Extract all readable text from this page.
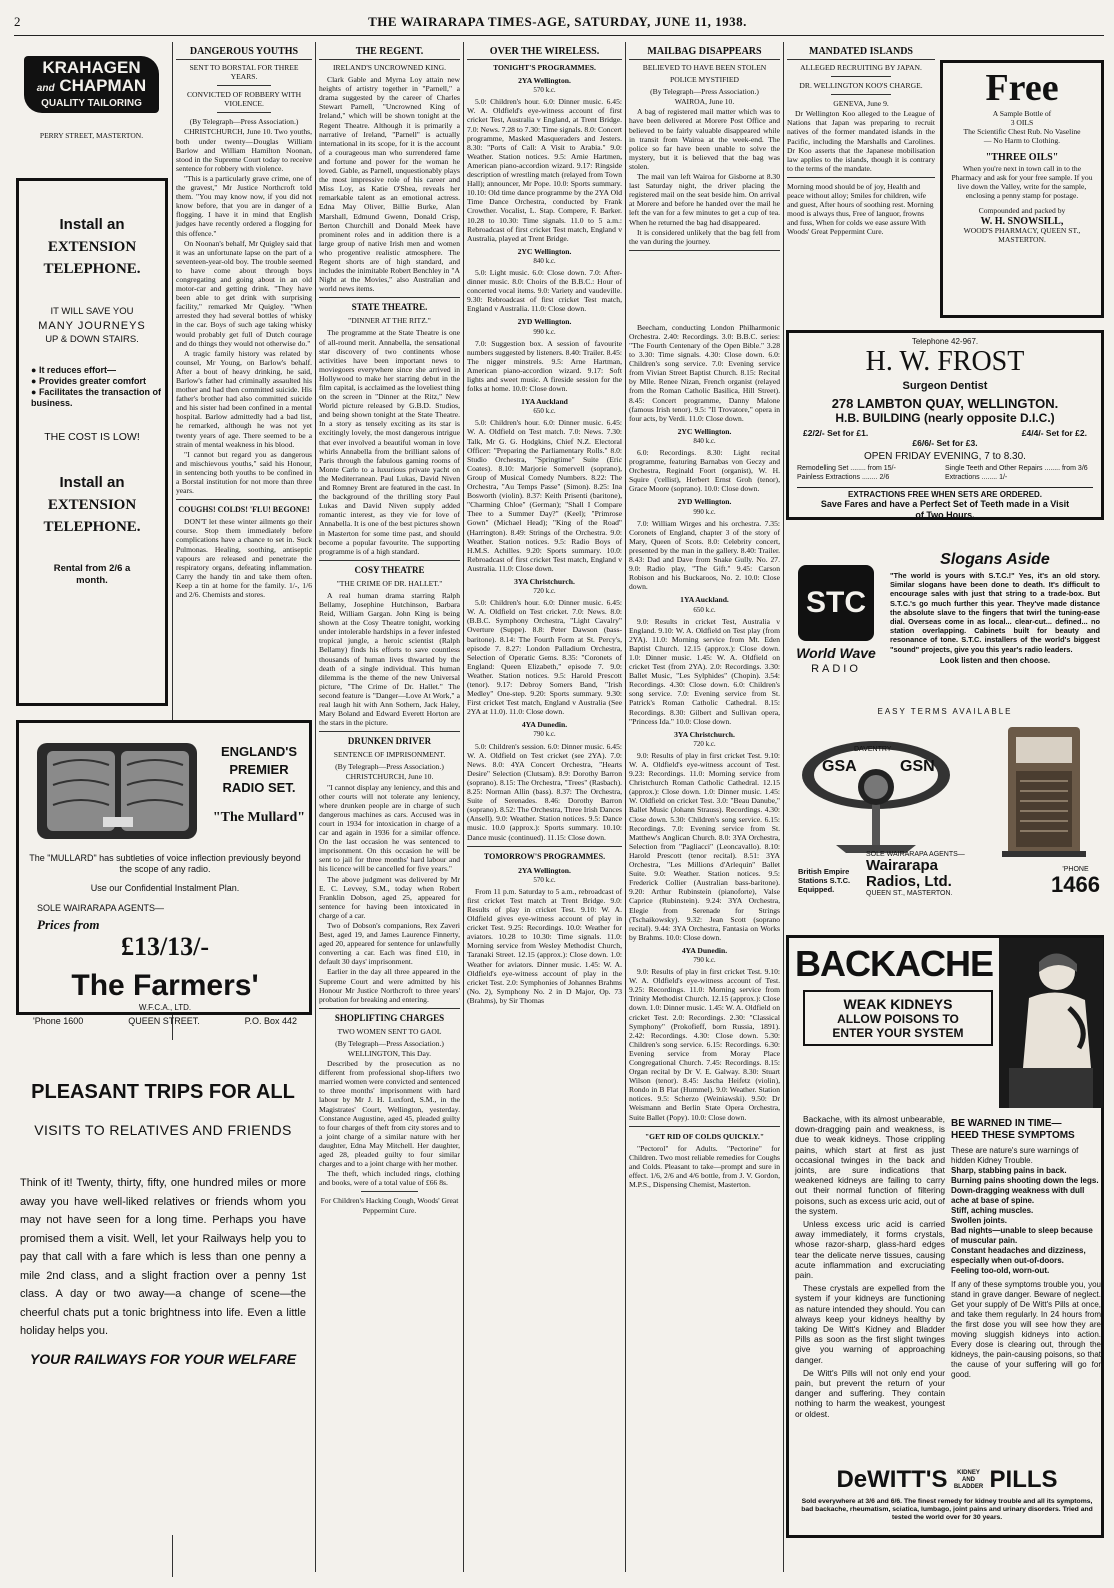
2	THE WAIRARAPA TIMES-AGE, SATURDAY, JUNE 11, 1938.
KRAHAGEN
and CHAPMAN
QUALITY TAILORING
PERRY STREET, MASTERTON.
Install an
EXTENSION
TELEPHONE.
IT WILL SAVE YOU
MANY JOURNEYS
UP & DOWN STAIRS.
● It reduces effort—
● Provides greater comfort
● Facilitates the transaction of business.
THE COST IS LOW!
Install an
EXTENSION
TELEPHONE.
Rental from 2/6 a month.
DANGEROUS YOUTHS
SENT TO BORSTAL FOR THREE YEARS.
CONVICTED OF ROBBERY WITH VIOLENCE.

(By Telegraph—Press Association.)

CHRISTCHURCH, June 10. Two youths, both under twenty—Douglas William Barlow and William Hamilton Noonan, stood in the Supreme Court today to receive sentence for robbery with violence.

"This is a particularly grave crime, one of the gravest," Mr Justice Northcroft told them. "You may know now, if you did not know before, that you are in danger of a flogging. I have it in mind that English judges have recently ordered a flogging for this offence."

On Noonan's behalf, Mr Quigley said that it was an unfortunate lapse on the part of a seventeen-year-old boy. The trouble seemed to have come about through boys congregating and going about in an old motor-car and getting drink. "They have been able to get drink with surprising facility," remarked Mr Quigley. "When arrested they had several bottles of whisky in the car. Boys of such age taking whisky would probably get full of Dutch courage and do things they would not otherwise do."

A tragic family history was related by counsel, Mr Young, on Barlow's behalf. After a bout of heavy drinking, he said, Barlow's father had criminally assaulted his mother and had then committed suicide. His father's brother had also committed suicide and his sister had been confined in a mental hospital. Barlow admittedly had a bad list, he remarked, although he was not yet twenty years of age. There seemed to be a strain of mental weakness in his blood.

"I cannot but regard you as dangerous and mischievous youths," said his Honour, in sentencing both youths to be confined in a Borstal institution for not more than three years.

COUGHS! COLDS! 'FLU! BEGONE!

DON'T let these winter ailments go their course. Stop them immediately before complications have a chance to set in. Suck Pulmonas. Healing, soothing, antiseptic vapours are released and penetrate the respiratory organs, defeating inflammation. Carry the handy tin and take them often. Keep a tin at home for the family. 1/-, 1/6 and 2/6. Chemists and stores.

ENGLAND'S
PREMIER
RADIO SET.
"The Mullard"
The "MULLARD" has subtleties of voice inflection previously beyond the scope of any radio.
Use our Confidential Instalment Plan.
SOLE WAIRARAPA AGENTS—
Prices from
£13/13/-
The Farmers'
W.F.C.A., LTD.
'Phone 1600	QUEEN STREET.	P.O. Box 442
PLEASANT TRIPS FOR ALL
VISITS TO RELATIVES AND FRIENDS
Think of it! Twenty, thirty, fifty, one hundred miles or more away you have well-liked relatives or friends whom you may not have seen for a long time. Perhaps you have promised them a visit. Well, let your Railways help you to pay that call with a fare which is less than one penny a mile 2nd class, and a slight fraction over a penny 1st class. A day or two away—a change of scene—the cheerful chats put a tonic brightness into life. Even a little holiday helps you.
YOUR RAILWAYS FOR YOUR WELFARE
THE REGENT.
IRELAND'S UNCROWNED KING.

Clark Gable and Myrna Loy attain new heights of artistry together in "Parnell," a drama suggested by the career of Charles Stewart Parnell, "Uncrowned King of Ireland," which will be shown tonight at the Regent Theatre. Although it is primarily a narrative of Ireland, "Parnell" is actually international in its scope, for it is the account of a courageous man who surrendered fame and fortune and power for the woman he loved. Gable, as Parnell, unquestionably plays the most impressive role of his career and Miss Loy, as Katie O'Shea, reveals her remarkable talent as an emotional actress. Edna May Oliver, Billie Burke, Alan Marshall, Edmund Gwenn, Donald Crisp, Berton Churchill and Donald Meek have prominent roles and in addition there is a large group of native Irish men and women who progentive realistic atmosphere. The Regent shorts are of high standard, and includes the inimitable Robert Benchley in "A Night at the Movies," also Australian and world news items.

STATE THEATRE.
"DINNER AT THE RITZ."

The programme at the State Theatre is one of all-round merit. Annabella, the sensational star discovery of two continents whose activities have been important news to moviegoers everywhere since she arrived in Hollywood to make her starring debut in the film capital, is acclaimed as the loveliest thing on the screen in "Dinner at the Ritz," New World picture released by G.B.D. Studios, and being shown tonight at the State Theatre. In a story as tensely exciting as its star is excitingly lovely, the most dangerous intrigue that ever involved a beautiful woman in love whirls Annabella from the brilliant salons of Paris through the fabulous gaming rooms of Monte Carlo to a luxurious private yacht on the Mediterranean. Paul Lukas, David Niven and Romney Brent are featured in the cast. In the background of the thrilling story Paul Lukas and David Niven supply added romantic interest, as they vie for love of Annabella. It is one of the best pictures shown in Masterton for some time past, and should become a popular favourite. The supporting programme is of a high standard.

COSY THEATRE
"THE CRIME OF DR. HALLET."

A real human drama starring Ralph Bellamy, Josephine Hutchinson, Barbara Reid, William Gargan. John King is being shown at the Cosy Theatre tonight, working under intolerable hardships in a fever infested tropical jungle, a heroic scientist (Ralph Bellamy) finds his efforts to save countless thousands of human lives thwarted by the death of a single individual. This human dilemma is the theme of the new Universal picture, "The Crime of Dr. Hallet." The second feature is "Danger—Love At Work," a real laugh hit with Ann Sothern, Jack Haley, Mary Boland and Edward Everett Horton are the stars in the picture.

DRUNKEN DRIVER
SENTENCE OF IMPRISONMENT.

(By Telegraph—Press Association.)

CHRISTCHURCH, June 10.

"I cannot display any leniency, and this and other courts will not tolerate any leniency, where drunken people are in charge of such dangerous machines as cars. Accused was in court in 1934 for intoxication in charge of a car and again in 1936 for a similar offence. On the last occasion he was sentenced to imprisonment. On this occasion he will be sent to jail for three months' hard labour and his licence will be cancelled for five years."

The above judgment was delivered by Mr E. C. Levvey, S.M., today when Robert Franklin Dobson, aged 25, appeared for sentence for having been intoxicated in charge of a car.

Two of Dobson's companions, Rex Zaveri Best, aged 19, and James Laurence Finnerty, aged 20, appeared for sentence for unlawfully converting a car. Each was fined £10, in default 30 days' imprisonment.

Earlier in the day all three appeared in the Supreme Court and were admitted by his Honour Mr Justice Northcroft to three years' probation for breaking and entering.

SHOPLIFTING CHARGES
TWO WOMEN SENT TO GAOL

(By Telegraph—Press Association.)

WELLINGTON, This Day.

Described by the prosecution as no different from professional shop-lifters two married women were convicted and sentenced to three months' imprisonment with hard labour by Mr J. H. Luxford, S.M., in the Magistrates' Court, Wellington, yesterday. Constance Augustine, aged 45, pleaded guilty to four charges of theft from city stores and to a joint charge of a similar nature with her daughter, Edna May Mitchell. Her daughter, aged 28, pleaded guilty to four similar charges and to a joint charge with her mother.

The theft, which included rings, clothing and books, were of a total value of £66 8s.

For Children's Hacking Cough, Woods' Great Peppermint Cure.

OVER THE WIRELESS.
TONIGHT'S PROGRAMMES.
2YA Wellington.
570 k.c.

5.0: Children's hour. 6.0: Dinner music. 6.45: W. A. Oldfield's eye-witness account of first cricket Test, Australia v England, at Trent Bridge. 7.0: News. 7.28 to 7.30: Time signals. 8.0: Concert programme, Masked Masqueraders and Jesters. 8.30: "Ports of Call: A Visit to Arabia." 9.0: Weather. Station notices. 9.5: Arnie Hartmen, American piano-accordion wizard. 9.17: Ringside description of wrestling match (relayed from Town Hall); announcer, Mr Pope. 10.0: Sports summary. 10.10: Old time dance programme by the 2YA Old Time Dance Orchestra, conducted by Frank Crowther. Vocalist, L. Stap. Compere, F. Barker. 10.28 to 10.30: Time signals. 11.0 to 5 a.m.: Rebroadcast of first cricket Test match, England v Australia, played at Trent Bridge.

2YC Wellington.
840 k.c.

5.0: Light music. 6.0: Close down. 7.0: After-dinner music. 8.0: Choirs of the B.B.C.: Hour of concerted vocal items. 9.0: Variety and vaudeville. 9.30: Rebroadcast of first cricket Test match, England v Australia. 11.0: Close down.

2YD Wellington.
990 k.c.

7.0: Suggestion box. A session of favourite numbers suggested by listeners. 8.40: Trailer. 8.45: The nigger minstrels. 9.5: Arne Hartman, American piano-accordion wizard. 9.17: Soft lights and sweet music. A fireside session for the folks at home. 10.0: Close down.

1YA Auckland
650 k.c.

5.0: Children's hour. 6.0: Dinner music. 6.45: W. A. Oldfield on Test match. 7.0: News. 7.30: Talk, Mr G. G. Hodgkins, Chief N.Z. Electoral Officer: "Preparing the Parliamentary Rolls." 8.0: Studio Orchestra, "Springtime" Suite (Eric Coates). 8.10: Marjorie Somervell (soprano), Group of Musical Comedy Numbers. 8.22: The Orchestra, "Au Temps Passe" (Simon). 8.25: Ina Bosworth (violin). 8.37: Keith Prisenti (baritone), "Charming Chloe" (German); "Shall I Compare Thee to a Summer Day?" (Keel); "Primrose Gown" (Michael Head); "King of the Road" (Harrington). 8.49: Strings of the Orchestra. 9.0: Weather. Station notices. 9.5: Radio Boys of H.M.S. Achilles. 9.20: Sports summary. 10.0: Rebroadcast of first cricket Test match, England v Australia. 11.0: Close down.

3YA Christchurch.
720 k.c.

5.0: Children's hour. 6.0: Dinner music. 6.45: W. A. Oldfield on Test cricket. 7.0: News. 8.0: (B.B.C. Symphony Orchestra, "Light Cavalry" Overture (Suppe). 8.8: Peter Dawson (bass-baritone). 8.14: The Fourth Form at St. Percy's, episode 7. 8.27: London Palladium Orchestra, Selection of Operatic Gems. 8.35: "Coronets of England: Queen Elizabeth," episode 7. 9.0: Weather. Station notices. 9.5: Harold Prescott (tenor). 9.17: Debroy Somers Band, "Irish Medley" One-step. 9.20: Sports summary. 9.30: First cricket Test match, England v Australia (See 2YA at 11.0). 11.0: Close down.

4YA Dunedin.
790 k.c.

5.0: Children's session. 6.0: Dinner music. 6.45: W. A. Oldfield on Test cricket (see 2YA). 7.0: News. 8.0: 4YA Concert Orchestra, "Hearts Desire" Selection (Clutsam). 8.9: Dorothy Barron (soprano). 8.15: The Orchestra, "Trees" (Rasbach). 8.25: Norman Allin (bass). 8.37: The Orchestra, Suite of Serenades. 8.46: Dorothy Barron (soprano). 8.52: The Orchestra, Three Irish Dances (Ansell). 9.0: Weather. Station notices. 9.5: Dance music. 10.0 (approx.): Sports summary. 10.10: Dance music (continued). 11.15: Close down.

TOMORROW'S PROGRAMMES.
2YA Wellington.
570 k.c.

From 11 p.m. Saturday to 5 a.m., rebroadcast of first cricket Test match at Trent Bridge. 9.0: Results of play in cricket Test. 9.10: W. A. Oldfield gives eye-witness account of play in cricket Test. 9.25: Recordings. 10.0: Weather for aviators. 10.28 to 10.30: Time signals. 11.0: Morning service from Wesley Methodist Church, Taranaki Street. 12.15 (approx.): Close down. 1.0: Weather for aviators. Dinner music. 1.45: W. A. Oldfield's eye-witness account of play in the cricket Test. 2.0: Symphonies of Johannes Brahms (No. 2), Symphony No. 2 in D Major, Op. 73 (Brahms), by Sir Thomas

MAILBAG DISAPPEARS
BELIEVED TO HAVE BEEN STOLEN
POLICE MYSTIFIED

(By Telegraph—Press Association.)

WAIROA, June 10.

A bag of registered mail matter which was to have been delivered at Morere Post Office and believed to be fairly valuable disappeared while in transit from Wairoa at the week-end. The police so far have been unable to solve the mystery, but it is believed that the bag was stolen.

The mail van left Wairoa for Gisborne at 8.30 last Saturday night, the driver placing the registered mail on the seat beside him. On arrival at Morere and before he handed over the mail he left the van for a few minutes to get a cup of tea. When he returned the bag had disappeared.

It is considered unlikely that the bag fell from the van during the journey.

Beecham, conducting London Philharmonic Orchestra. 2.40: Recordings. 3.0: B.B.C. series: "The Fourth Centenary of the Open Bible." 3.28 to 3.30: Time signals. 4.30: Close down. 6.0: Children's song service. 7.0: Evening service from Vivian Street Baptist Church. 8.15: Recital by Mlle. Renee Nizan, French organist (relayed from the Roman Catholic Basilica, Hill Street). 8.45: Concert programme, Danny Malone (famous Irish tenor). 9.5: "Il Trovatore," opera in four acts, by Verdi. 11.0: Close down.

2YC Wellington.
840 k.c.

6.0: Recordings. 8.30: Light recital programme, featuring Barnabas von Geczy and Orchestra, Reginald Foort (organist), W. H. Squire ('cellist), Herbert Ernst Groh (tenor), Grace Moore (soprano). 10.0: Close down.

2YD Wellington.
990 k.c.

7.0: William Wirges and his orchestra. 7.35: Coronets of England, chapter 3 of the story of Mary, Queen of Scots. 8.0: Celebrity concert, presented by the man in the gallery. 8.40: Trailer. 8.43: Dad and Dave from Snake Gully. No. 27. 9.0: Radio play, "The Gift." 9.45: Carson Robison and his Buckaroos, No. 2. 10.0: Close down.

1YA Auckland.
650 k.c.

9.0: Results in cricket Test, Australia v England. 9.10: W. A. Oldfield on Test play (from 2YA). 11.0: Morning service from Mt. Eden Baptist Church. 12.15 (approx.): Close down. 1.0: Dinner music. 1.45: W. A. Oldfield on cricket Test (from 2YA). 2.0: Recordings. 3.30: Ballet Music, "Les Sylphides" (Chopin). 3.54: Recordings. 4.30: Close down. 6.0: Children's song service. 7.0: Evening service from St. Patrick's Roman Catholic Cathedral. 8.15: Recordings. 8.30: Gilbert and Sullivan opera, "Princess Ida." 10.0: Close down.

3YA Christchurch.
720 k.c.

9.0: Results of play in first cricket Test. 9.10: W. A. Oldfield's eye-witness account of Test. 9.23: Recordings. 11.0: Morning service from Christchurch Roman Catholic Cathedral. 12.15 (approx.): Close down. 1.0: Dinner music. 1.45: W. Oldfield on cricket Test. 3.0: "Beau Danube," Ballet Music (Johann Strauss). Recordings. 4.30: Close down. 5.30: Children's song service. 6.15: Recordings. 7.0: Evening service from St. Matthew's Anglican Church. 8.0: 3YA Orchestra, Selection from "Pagliacci" (Leoncavallo). 8.10: Harold Prescott (tenor recital). 8.51: 3YA Orchestra, "Les Millions d'Arlequin" Ballet Suite. 9.0: Weather. Station notices. 9.5: Frederick Collier (Australian bass-baritone). 9.20: Arthur Rubinstein (pianoforte), Valse Caprice (Rubinstein). 9.24: 3YA Orchestra, Elegie from Serenade for Strings (Tschaikowsky). 9.32: Jean Scott (soprano recital). 9.44: 3YA Orchestra, Fantasia on Works by Brahms. 10.0: Close down.

4YA Dunedin.
790 k.c.

9.0: Results of play in first cricket Test. 9.10: W. A. Oldfield's eye-witness account of Test. 9.25: Recordings. 11.0: Morning service from Trinity Methodist Church. 12.15 (approx.): Close down. 1.0: Dinner music. 1.45: W. A. Oldfield on cricket Test. 2.0: Recordings. 2.30: "Classical Symphony" (Prokofieff, born Russia, 1891). 2.42: Recordings. 4.30: Close down. 5.30: Children's song service. 6.15: Recordings. 6.30: Evening service from Moray Place Congregational Church. 7.45: Recordings. 8.15: Organ recital by Dr V. E. Galway. 8.30: Stuart Wilson (tenor). 8.45: Jascha Heifetz (violin), Rondo in B Flat (Hummel). 9.0: Weather. Station notices. 9.5: Scherzo (Weiniawski). 9.50: Dr Weismann and Berlin State Opera Orchestra, Suite Ballet (Popy). 10.0: Close down.

"GET RID OF COLDS QUICKLY."

"Pectorol" for Adults. "Pectorine" for Children. Two most reliable remedies for Coughs and Colds. Pleasant to take—prompt and sure in effect. 1/6, 2/6 and 4/6 bottle, from J. V. Gordon, M.P.S., Dispensing Chemist, Masterton.

MANDATED ISLANDS
ALLEGED RECRUITING BY JAPAN.
DR. WELLINGTON KOO'S CHARGE.

GENEVA, June 9.

Dr Wellington Koo alleged to the League of Nations that Japan was preparing to recruit natives of the former mandated islands in the Pacific, including the Marshalls and Carolines. Dr Koo asserts that the Japanese mobilisation law applies to the islands, though it is contrary to the terms of the mandate.

Morning mood should be of joy, Health and peace without alloy; Smiles for children, wife and guest, After hours of soothing rest. Morning mood is always thus, Free of languor, frowns and fuss, When for colds we ease assure With Woods' Great Peppermint Cure.

Free
A Sample Bottle of
3 OILS
The Scientific Chest Rub. No Vaseline— No Harm to Clothing.
"THREE OILS"
When you're next in town call in to the Pharmacy and ask for your free sample. If you live down the Valley, write for the sample, enclosing a penny stamp for postage.
Compounded and packed by
W. H. SNOWSILL,
WOOD'S PHARMACY, QUEEN ST., MASTERTON.
Telephone 42-967.
H. W. FROST
Surgeon Dentist
278 LAMBTON QUAY, WELLINGTON.
H.B. BUILDING (nearly opposite D.I.C.)
£2/2/- Set for £1.	£4/4/- Set for £2.
£6/6/- Set for £3.
OPEN FRIDAY EVENING, 7 to 8.30.
Remodelling Set ........ from 15/-	Single Teeth and Other Repairs ........ from 3/6
Painless Extractions ........ 2/6	Extractions ........ 1/-
EXTRACTIONS FREE WHEN SETS ARE ORDERED.
Save Fares and have a Perfect Set of Teeth made in a Visit of Two Hours.
STC
World Wave
RADIO
Slogans Aside
"The world is yours with S.T.C.!" Yes, it's an old story. Similar slogans have been done to death. It's difficult to encourage sales with just that string to a trade-box. But S.T.C.'s go much further this year. They've made distance the absolute slave to the fingers that twirl the tuning-ease dial. Overseas come in as local... clear-cut... defined... no station overlapping. Cabinets built for beauty and resonance of tone. S.T.C. installers of the world's biggest "sound" projects, give you this year's radio leaders.
Look listen and then choose.
EASY TERMS AVAILABLE
GSA	GSN
DAVENTRY
British Empire Stations S.T.C. Equipped.
SOLE WAIRARAPA AGENTS—
Wairarapa
Radios, Ltd.
QUEEN ST., MASTERTON.
'PHONE
1466
BACKACHE
WEAK KIDNEYS
ALLOW POISONS TO
ENTER YOUR SYSTEM

Backache, with its almost unbearable, down-dragging pain and weakness, is due to weak kidneys. Those crippling pains, which start at first as just occasional twinges in the back and joints, are sure indications that weakened kidneys are failing to carry out their normal function of filtering poisons, such as excess uric acid, out of the system.

Unless excess uric acid is carried away immediately, it forms crystals, whose razor-sharp, glass-hard edges tear the delicate nerve tissues, causing acute inflammation and excruciating pain.

These crystals are expelled from the system if your kidneys are functioning as nature intended they should. You can always keep your kidneys healthy by taking De Witt's Kidney and Bladder Pills as soon as the first slight twinges give you warning of approaching danger.

De Witt's Pills will not only end your pain, but prevent the return of your danger and suffering. They contain nothing to harm the weakest, youngest or oldest.

BE WARNED IN TIME—
HEED THESE SYMPTOMS
These are nature's sure warnings of hidden Kidney Trouble.
Sharp, stabbing pains in back.
Burning pains shooting down the legs.
Down-dragging weakness with dull ache at base of spine.
Stiff, aching muscles.
Swollen joints.
Bad nights—unable to sleep because of muscular pain.
Constant headaches and dizziness, especially when out-of-doors.
Feeling too-old, worn-out.
If any of these symptoms trouble you, you stand in grave danger. Beware of neglect. Get your supply of De Witt's Pills at once, and take them regularly. In 24 hours from the first dose you will see how they are moving sluggish kidneys into action. Every dose is clearing out, through the kidneys, the pain-causing poisons, so that the cause of your suffering will go for good.
DeWITT'S	KIDNEY AND BLADDER PILLS
Sold everywhere at 3/6 and 6/6. The finest remedy for kidney trouble and all its symptoms, bad backache, rheumatism, sciatica, lumbago, joint pains and urinary disorders. Tried and tested the world over for 30 years.
